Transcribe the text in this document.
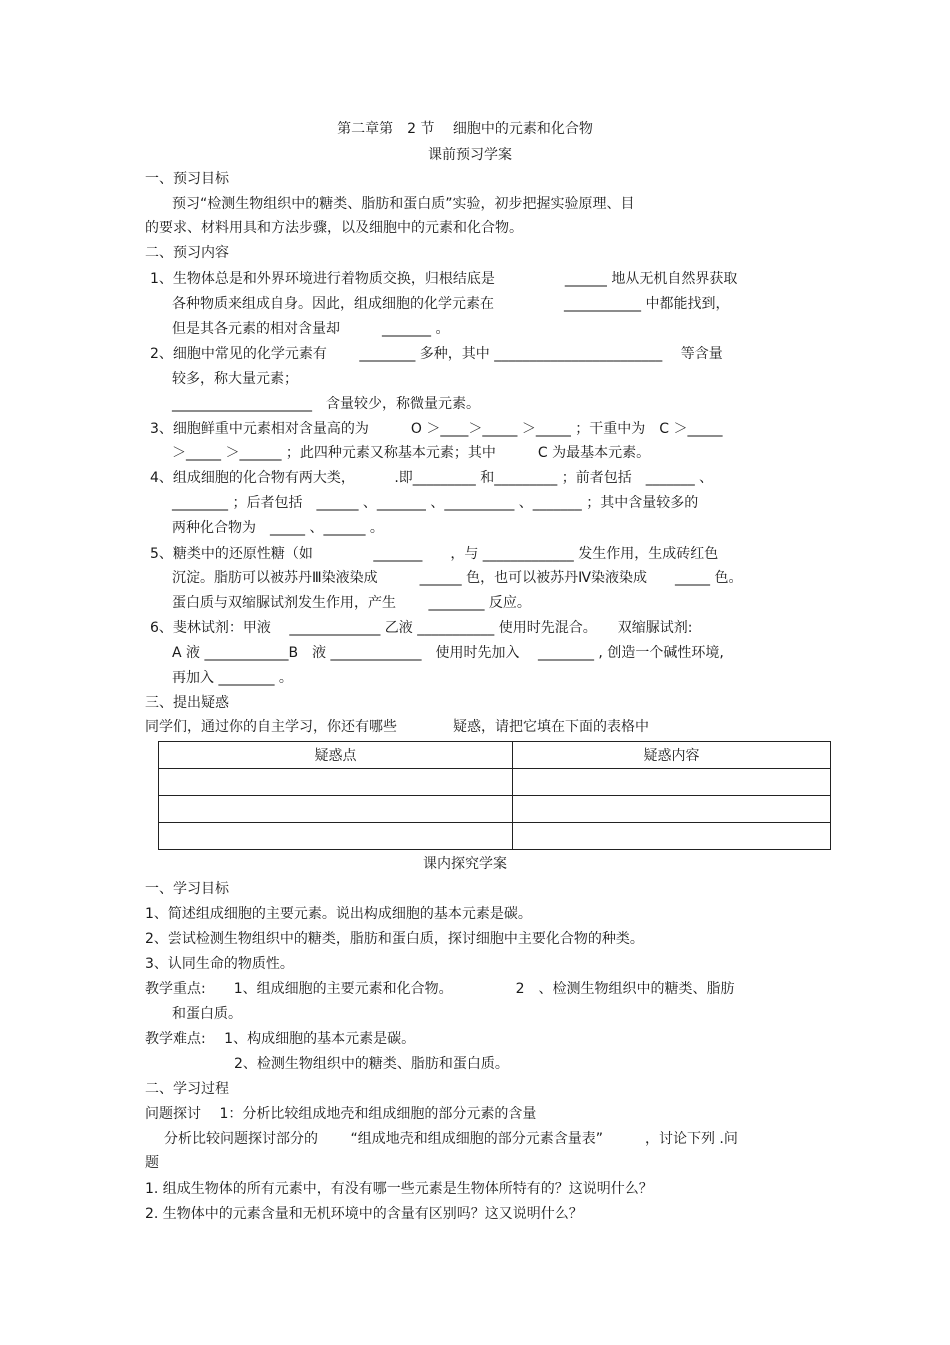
第二章第　2 节　 细胞中的元素和化合物
课前预习学案
一、预习目标
预习“检测生物组织中的糖类、脂肪和蛋白质”实验，初步把握实验原理、目
的要求、材料用具和方法步骤，以及细胞中的元素和化合物。
二、预习内容
1、生物体总是和外界环境进行着物质交换，归根结底是　　　　　______ 地从无机自然界获取
各种物质来组成自身。因此，组成细胞的化学元素在　　　　　___________ 中都能找到，
但是其各元素的相对含量却　　　_______ 。
2、细胞中常见的化学元素有　　 ________ 多种，其中 ________________________ 　等含量
较多，称大量元素；
____________________　含量较少，称微量元素。
3、细胞鲜重中元素相对含量高的为　　　O ＞____＞_____ ＞_____ ；干重中为　C ＞_____
＞_____ ＞______ ；此四种元素又称基本元素；其中　　　C 为最基本元素。
4、组成细胞的化合物有两大类，　　　 .即_________ 和_________ ；前者包括　_______ 、
________ ；后者包括　______ 、_______ 、__________ 、_______ ；其中含量较多的
两种化合物为　_____ 、______ 。
5、糖类中的还原性糖（如　　　　 _______　　，与 _____________ 发生作用，生成砖红色
沉淀。脂肪可以被苏丹Ⅲ染液染成　　　______ 色，也可以被苏丹Ⅳ染液染成　　_____ 色。
蛋白质与双缩脲试剂发生作用，产生　　 ________ 反应。
6、斐林试剂：甲液　 _____________ 乙液 ___________ 使用时先混合。　　双缩脲试剂:
A 液 ____________B　液 _____________　使用时先加入　 ________ , 创造一个碱性环境,
再加入 ________ 。
三、提出疑惑
同学们，通过你的自主学习，你还有哪些　　　　疑惑，请把它填在下面的表格中
疑惑点	疑惑内容

课内探究学案
一、学习目标
1、简述组成细胞的主要元素。说出构成细胞的基本元素是碳。
2、尝试检测生物组织中的糖类，脂肪和蛋白质，探讨细胞中主要化合物的种类。
3、认同生命的物质性。
教学重点:　　1、组成细胞的主要元素和化合物。　　　　　2　、检测生物组织中的糖类、脂肪
和蛋白质。
教学难点:　 1、构成细胞的基本元素是碳。
2、检测生物组织中的糖类、脂肪和蛋白质。
二、学习过程
问题探讨　 1：分析比较组成地壳和组成细胞的部分元素的含量
分析比较问题探讨部分的　　 “组成地壳和组成细胞的部分元素含量表”　　　，讨论下列 .问
题
1. 组成生物体的所有元素中，有没有哪一些元素是生物体所特有的？这说明什么？
2. 生物体中的元素含量和无机环境中的含量有区别吗？这又说明什么？
